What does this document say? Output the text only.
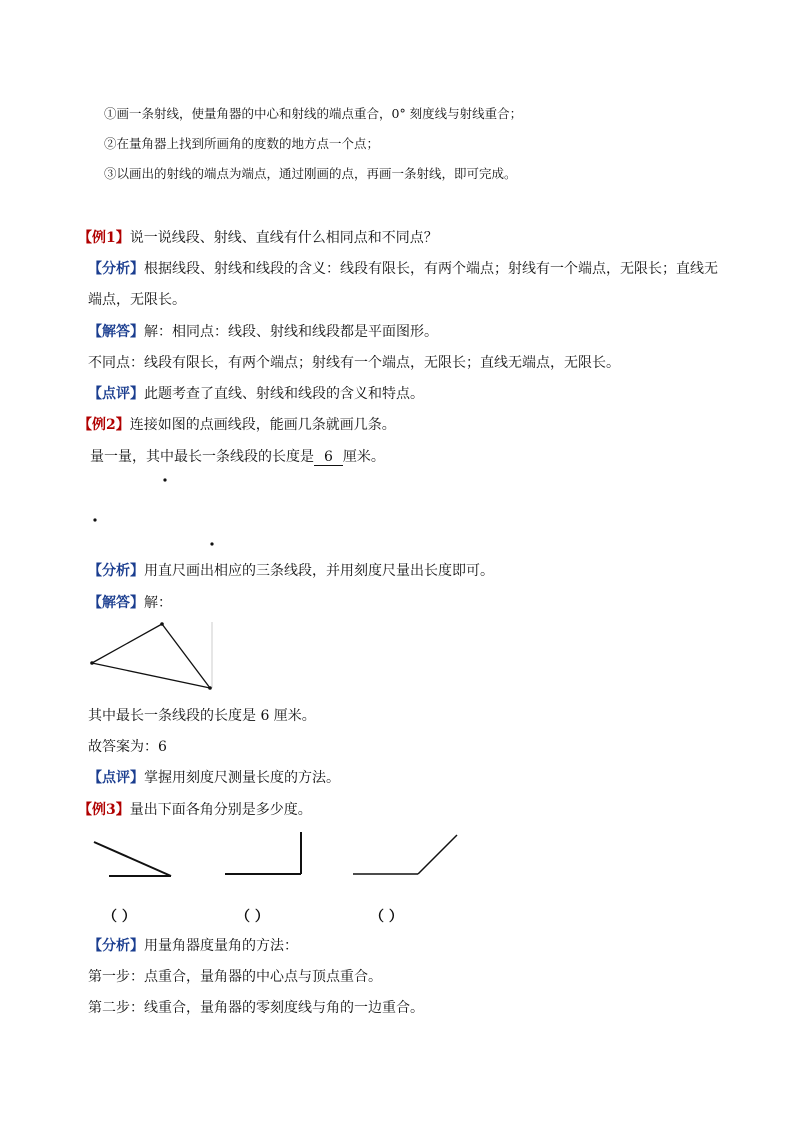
①画一条射线，使量角器的中心和射线的端点重合，0° 刻度线与射线重合；
②在量角器上找到所画角的度数的地方点一个点；
③以画出的射线的端点为端点，通过刚画的点，再画一条射线，即可完成。
【例1】说一说线段、射线、直线有什么相同点和不同点？
【分析】根据线段、射线和线段的含义：线段有限长，有两个端点；射线有一个端点，无限长；直线无
端点，无限长。
【解答】解：相同点：线段、射线和线段都是平面图形。
不同点：线段有限长，有两个端点；射线有一个端点，无限长；直线无端点，无限长。
【点评】此题考查了直线、射线和线段的含义和特点。
【例2】连接如图的点画线段，能画几条就画几条。
量一量，其中最长一条线段的长度是 6 厘米。
【分析】用直尺画出相应的三条线段，并用刻度尺量出长度即可。
【解答】解：
其中最长一条线段的长度是 6 厘米。
故答案为：6
【点评】掌握用刻度尺测量长度的方法。
【例3】量出下面各角分别是多少度。
（ ）	（ ）	（ ）
【分析】用量角器度量角的方法：
第一步：点重合，量角器的中心点与顶点重合。
第二步：线重合，量角器的零刻度线与角的一边重合。
